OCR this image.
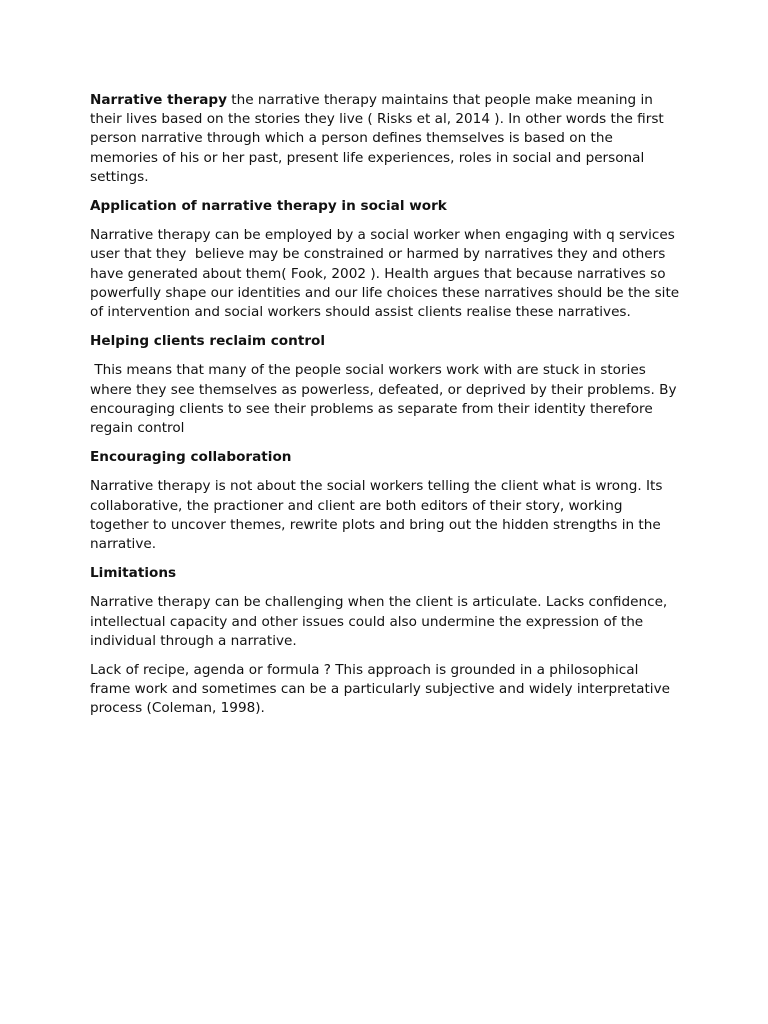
Narrative therapy the narrative therapy maintains that people make meaning in their lives based on the stories they live ( Risks et al, 2014 ). In other words the first person narrative through which a person defines themselves is based on the memories of his or her past, present life experiences, roles in social and personal settings.

Application of narrative therapy in social work

Narrative therapy can be employed by a social worker when engaging with q services user that they  believe may be constrained or harmed by narratives they and others have generated about them( Fook, 2002 ). Health argues that because narratives so powerfully shape our identities and our life choices these narratives should be the site of intervention and social workers should assist clients realise these narratives.

Helping clients reclaim control

This means that many of the people social workers work with are stuck in stories where they see themselves as powerless, defeated, or deprived by their problems. By encouraging clients to see their problems as separate from their identity therefore regain control

Encouraging collaboration

Narrative therapy is not about the social workers telling the client what is wrong. Its collaborative, the practioner and client are both editors of their story, working together to uncover themes, rewrite plots and bring out the hidden strengths in the narrative.

Limitations

Narrative therapy can be challenging when the client is articulate. Lacks confidence, intellectual capacity and other issues could also undermine the expression of the individual through a narrative.

Lack of recipe, agenda or formula ? This approach is grounded in a philosophical frame work and sometimes can be a particularly subjective and widely interpretative process (Coleman, 1998).
